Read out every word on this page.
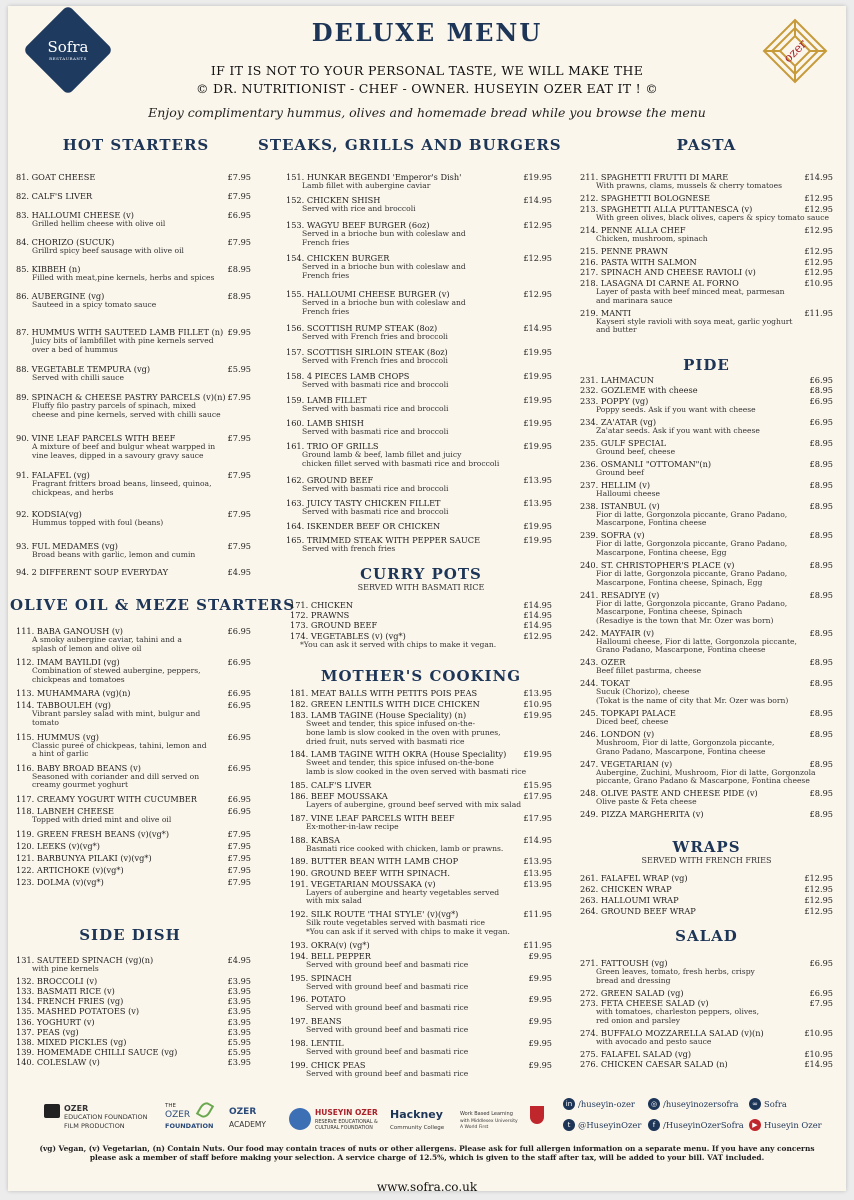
Sofra
RESTAURANTS	ozer
DELUXE MENU
IF IT IS NOT TO YOUR PERSONAL TASTE, WE WILL MAKE THE
© DR. NUTRITIONIST - CHEF - OWNER. HUSEYIN OZER EAT IT ! ©
Enjoy complimentary hummus, olives and homemade bread while you browse the menu
HOT STARTERS
81. GOAT CHEESE	£7.95
82. CALF'S LIVER	£7.95
83. HALLOUMI CHEESE (v)	£6.95
Grilled hellim cheese with olive oil
84. CHORIZO (SUCUK)	£7.95
Grillrd spicy beef sausage with olive oil
85. KIBBEH (n)	£8.95
Filled with meat,pine kernels, herbs and spices
86. AUBERGINE (vg)	£8.95
Sauteed in a spicy tomato sauce
87. HUMMUS WITH SAUTEED LAMB FILLET (n) £9.95
Juicy bits of lambfillet with pine kernels served
over a bed of hummus
88. VEGETABLE TEMPURA (vg)	£5.95
Served with chilli sauce
89. SPINACH & CHEESE PASTRY PARCELS (v)(n) £7.95
Fluffy filo pastry parcels of spinach, mixed
cheese and pine kernels, served with chilli sauce
90. VINE LEAF PARCELS WITH BEEF	£7.95
A mixture of beef and bulgur wheat warpped in
vine leaves, dipped in a savoury gravy sauce
91. FALAFEL (vg)	£7.95
Fragrant fritters broad beans, linseed, quinoa,
chickpeas, and herbs
92. KODSIA(vg)	£7.95
Hummus topped with foul (beans)
93. FUL MEDAMES (vg)	£7.95
Broad beans with garlic, lemon and cumin
94. 2 DIFFERENT SOUP EVERYDAY	£4.95
OLIVE OIL & MEZE STARTERS
111. BABA GANOUSH (v)	£6.95
A smoky aubergine caviar, tahini and a
splash of lemon and olive oil
112. IMAM BAYILDI (vg)	£6.95
Combination of stewed aubergine, peppers,
chickpeas and tomatoes
113. MUHAMMARA (vg)(n)	£6.95
114. TABBOULEH (vg)	£6.95
Vibrant parsley salad with mint, bulgur and
tomato
115. HUMMUS (vg)	£6.95
Classic pureé of chickpeas, tahini, lemon and
a hint of garlic
116. BABY BROAD BEANS (v)	£6.95
Seasoned with coriander and dill served on
creamy gourmet yoghurt
117. CREAMY YOGURT WITH CUCUMBER	£6.95
118. LABNEH CHEESE	£6.95
Topped with dried mint and olive oil
119. GREEN FRESH BEANS (v)(vg*)	£7.95
120. LEEKS (v)(vg*)	£7.95
121. BARBUNYA PILAKI (v)(vg*)	£7.95
122. ARTICHOKE (v)(vg*)	£7.95
123. DOLMA (v)(vg*)	£7.95
SIDE DISH
131. SAUTEED SPINACH (vg)(n)	£4.95
with pine kernels
132. BROCCOLI (v)	£3.95
133. BASMATI RICE (v)	£3.95
134. FRENCH FRIES (vg)	£3.95
135. MASHED POTATOES (v)	£3.95
136. YOGHURT (v)	£3.95
137. PEAS (vg)	£3.95
138. MIXED PICKLES (vg)	£5.95
139. HOMEMADE CHILLI SAUCE (vg)	£5.95
140. COLESLAW (v)	£3.95
STEAKS, GRILLS AND BURGERS
151. HUNKAR BEGENDI 'Emperor's Dish'	£19.95
Lamb fillet with aubergine caviar
152. CHICKEN SHISH	£14.95
Served with rice and broccoli
153. WAGYU BEEF BURGER (6oz)	£12.95
Served in a brioche bun with coleslaw and
French fries
154. CHICKEN BURGER	£12.95
Served in a brioche bun with coleslaw and
French fries
155. HALLOUMI CHEESE BURGER (v)	£12.95
Served in a brioche bun with coleslaw and
French fries
156. SCOTTISH RUMP STEAK (8oz)	£14.95
Served with French fries and broccoli
157. SCOTTISH SIRLOIN STEAK (8oz)	£19.95
Served with French fries and broccoli
158. 4 PIECES LAMB CHOPS	£19.95
Served with basmati rice and broccoli
159. LAMB FILLET	£19.95
Served with basmati rice and broccoli
160. LAMB SHISH	£19.95
Served with basmati rice and broccoli
161. TRIO OF GRILLS	£19.95
Ground lamb & beef, lamb fillet and juicy
chicken fillet served with basmati rice and broccoli
162. GROUND BEEF	£13.95
Served with basmati rice and broccoli
163. JUICY TASTY CHICKEN FILLET	£13.95
Served with basmati rice and broccoli
164. ISKENDER BEEF OR CHICKEN	£19.95
165. TRIMMED STEAK WITH PEPPER SAUCE	£19.95
Served with french fries
CURRY POTS
SERVED WITH BASMATI RICE
171. CHICKEN	£14.95
172. PRAWNS	£14.95
173. GROUND BEEF	£14.95
174. VEGETABLES (v) (vg*)	£12.95
*You can ask it served with chips to make it vegan.
MOTHER'S COOKING
181. MEAT BALLS WITH PETITS POIS PEAS	£13.95
182. GREEN LENTILS WITH DICE CHICKEN	£10.95
183. LAMB TAGINE (House Speciality) (n)	£19.95
Sweet and tender, this spice infused on-the-
bone lamb is slow cooked in the oven with prunes,
dried fruit, nuts served with basmati rice
184. LAMB TAGINE WITH OKRA (House Speciality)	£19.95
Sweet and tender, this spice infused on-the-bone
lamb is slow cooked in the oven served with basmati rice
185. CALF'S LIVER	£15.95
186. BEEF MOUSSAKA	£17.95
Layers of aubergine, ground beef served with mix salad
187. VINE LEAF PARCELS WITH BEEF	£17.95
Ex-mother-in-law recipe
188. KABSA	£14.95
Basmati rice cooked with chicken, lamb or prawns.
189. BUTTER BEAN WITH LAMB CHOP	£13.95
190. GROUND BEEF WITH SPINACH.	£13.95
191. VEGETARIAN MOUSSAKA (v)	£13.95
Layers of aubergine and hearty vegetables served
with mix salad
192. SILK ROUTE 'THAI STYLE' (v)(vg*)	£11.95
Silk route vegetables served with basmati rice
*You can ask if it served with chips to make it vegan.
193. OKRA(v) (vg*)	£11.95
194. BELL PEPPER	£9.95
Served with ground beef and basmati rice
195. SPINACH	£9.95
Served with ground beef and basmati rice
196. POTATO	£9.95
Served with ground beef and basmati rice
197. BEANS	£9.95
Served with ground beef and basmati rice
198. LENTIL	£9.95
Served with ground beef and basmati rice
199. CHICK PEAS	£9.95
Served with ground beef and basmati rice
PASTA
211. SPAGHETTI FRUTTI DI MARE	£14.95
With prawns, clams, mussels & cherry tomatoes
212. SPAGHETTI BOLOGNESE	£12.95
213. SPAGHETTI ALLA PUTTANESCA (v)	£12.95
With green olives, black olives, capers & spicy tomato sauce
214. PENNE ALLA CHEF	£12.95
Chicken, mushroom, spinach
215. PENNE PRAWN	£12.95
216. PASTA WITH SALMON	£12.95
217. SPINACH AND CHEESE RAVIOLI (v)	£12.95
218. LASAGNA DI CARNE AL FORNO	£10.95
Layer of pasta with beef minced meat, parmesan
and marinara sauce
219. MANTI	£11.95
Kayseri style ravioli with soya meat, garlic yoghurt
and butter
PIDE
231. LAHMACUN	£6.95
232. GOZLEME with cheese	£8.95
233. POPPY (vg)	£6.95
Poppy seeds. Ask if you want with cheese
234. ZA'ATAR (vg)	£6.95
Za'atar seeds. Ask if you want with cheese
235. GULF SPECIAL	£8.95
Ground beef, cheese
236. OSMANLI "OTTOMAN"(n)	£8.95
Ground beef
237. HELLIM (v)	£8.95
Halloumi cheese
238. ISTANBUL (v)	£8.95
Fior di latte, Gorgonzola piccante, Grano Padano,
Mascarpone, Fontina cheese
239. SOFRA (v)	£8.95
Fior di latte, Gorgonzola piccante, Grano Padano,
Mascarpone, Fontina cheese, Egg
240. ST. CHRISTOPHER'S PLACE (v)	£8.95
Fior di latte, Gorgonzola piccante, Grano Padano,
Mascarpone, Fontina cheese, Spinach, Egg
241. RESADIYE (v)	£8.95
Fior di latte, Gorgonzola piccante, Grano Padano,
Mascarpone, Fontina cheese, Spinach
(Resadiye is the town that Mr. Ozer was born)
242. MAYFAIR (v)	£8.95
Halloumi cheese, Fior di latte, Gorgonzola piccante,
Grano Padano, Mascarpone, Fontina cheese
243. OZER	£8.95
Beef fillet pastırma, cheese
244. TOKAT	£8.95
Sucuk (Chorizo), cheese
(Tokat is the name of city that Mr. Ozer was born)
245. TOPKAPI PALACE	£8.95
Diced beef, cheese
246. LONDON (v)	£8.95
Mushroom, Fior di latte, Gorgonzola piccante,
Grano Padano, Mascarpone, Fontina cheese
247. VEGETARIAN (v)	£8.95
Aubergine, Zuchini, Mushroom, Fior di latte, Gorgonzola
piccante, Grano Padano & Mascarpone, Fontina cheese
248. OLIVE PASTE AND CHEESE PIDE (v)	£8.95
Olive paste & Feta cheese
249. PIZZA MARGHERITA (v)	£8.95
WRAPS
SERVED WITH FRENCH FRIES
261. FALAFEL WRAP (vg)	£12.95
262. CHICKEN WRAP	£12.95
263. HALLOUMI WRAP	£12.95
264. GROUND BEEF WRAP	£12.95
SALAD
271. FATTOUSH (vg)	£6.95
Green leaves, tomato, fresh herbs, crispy
bread and dressing
272. GREEN SALAD (vg)	£6.95
273. FETA CHEESE SALAD (v)	£7.95
with tomatoes, charleston peppers, olives,
red onion and parsley
274. BUFFALO MOZZARELLA SALAD (v)(n)	£10.95
with avocado and pesto sauce
275. FALAFEL SALAD (vg)	£10.95
276. CHICKEN CAESAR SALAD (n)	£14.95
OZER
EDUCATION FOUNDATION
FILM PRODUCTION
THE
OZER
FOUNDATION
OZER
ACADEMY
HUSEYIN OZER
RESERVE EDUCATIONAL &
CULTURAL FOUNDATION
Hackney
Community College
Work Based Learning
with Middlesex University
A World First
in /huseyin-ozer	◎ /huseyinozersofra	∞ Sofra
t @HuseyinOzer	f /HuseyinOzerSofra	▶ Huseyin Ozer
(vg) Vegan, (v) Vegetarian, (n) Contain Nuts. Our food may contain traces of nuts or other allergens. Please ask for full allergen information on a separate menu. If you have any concerns please ask a member of staff before making your selection. A service charge of 12.5%, which is given to the staff after tax, will be added to your bill. VAT included.
www.sofra.co.uk
